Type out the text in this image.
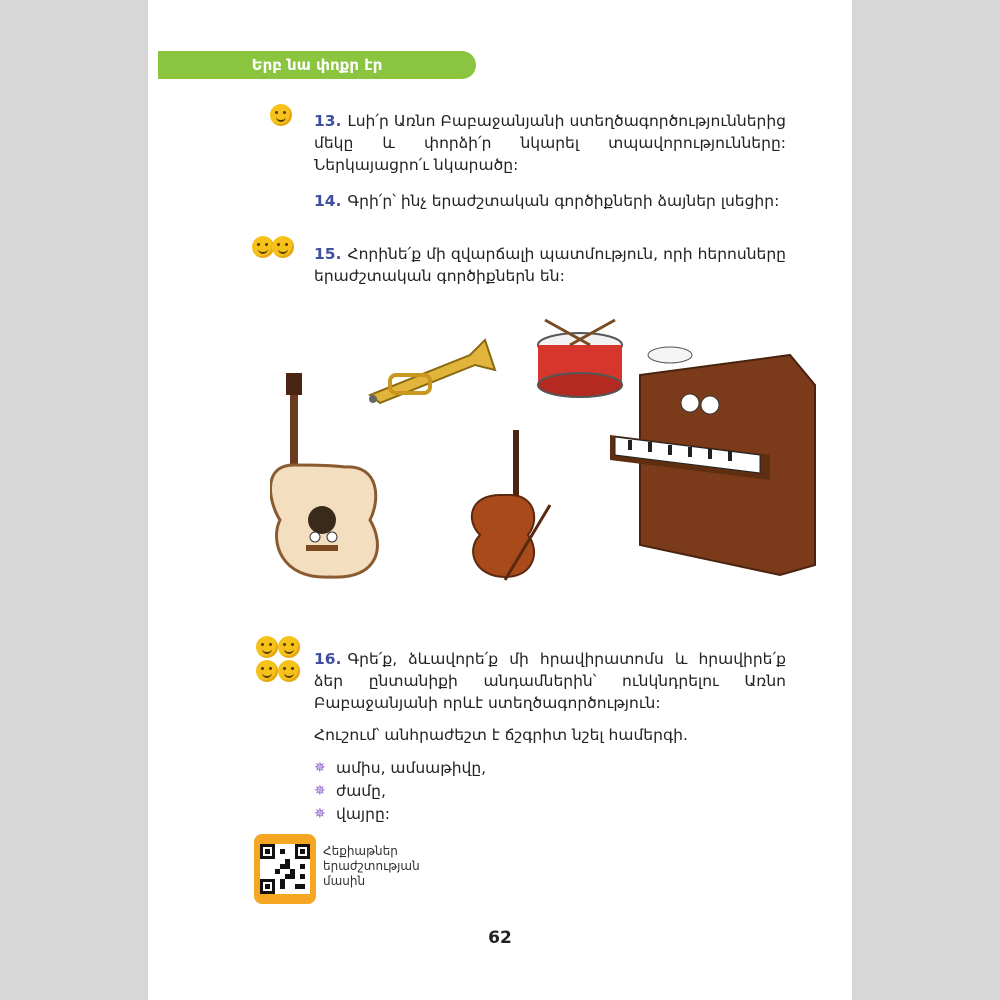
Երբ նա փոքր էր
13. Լսի՛ր Առնո Բաբաջանյանի ստեղծագործություններից մեկը և փորձի՛ր նկարել տպավորությունները: Ներկայացրո՛ւ նկարածը:
14. Գրի՛ր՝ ինչ երաժշտական գործիքների ձայներ լսեցիր:
15. Հորինե՛ք մի զվարճալի պատմություն, որի հերոսները երաժշտական գործիքներն են:
16. Գրե՛ք, ձևավորե՛ք մի հրավիրատոմս և հրավիրե՛ք ձեր ընտանիքի անդամներին՝ ունկնդրելու Առնո Բաբաջանյանի որևէ ստեղծագործություն:
Հուշում՝ անհրաժեշտ է ճշգրիտ նշել համերգի.
✵ ամիս, ամսաթիվը,
✵ ժամը,
✵ վայրը:
Հեքիաթներ
երաժշտության
մասին
62
